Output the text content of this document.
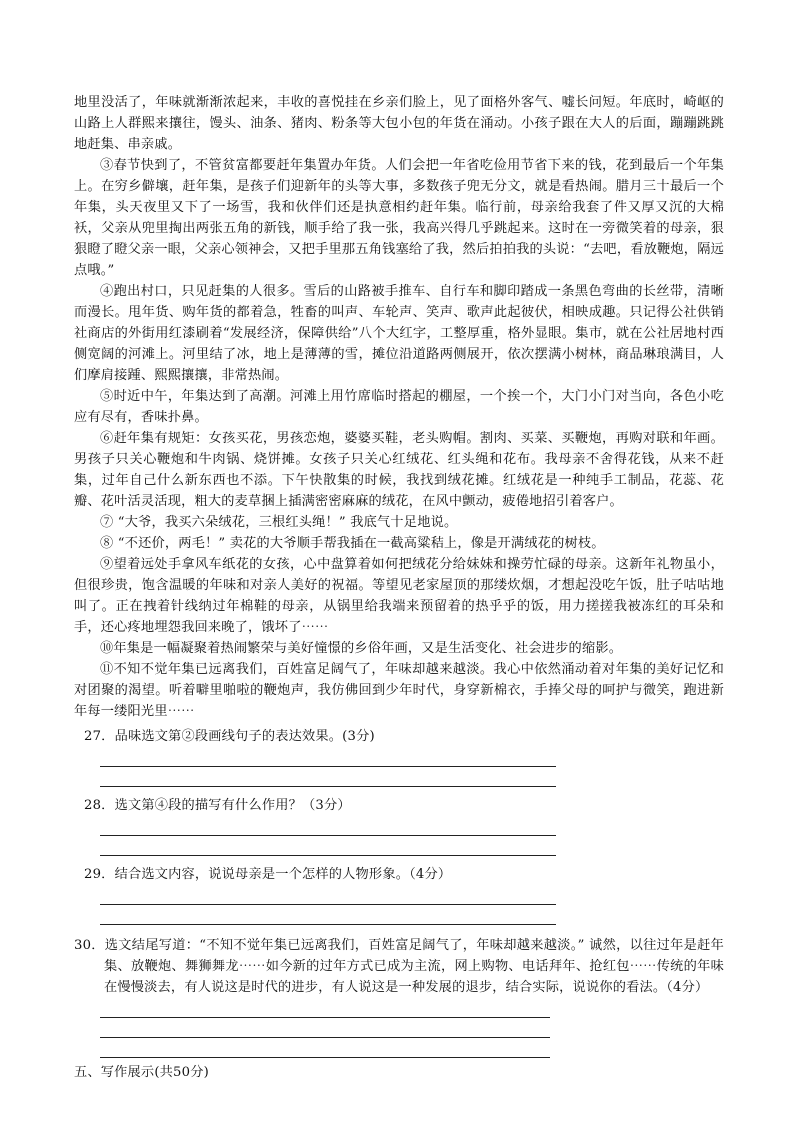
地里没活了，年味就渐渐浓起来，丰收的喜悦挂在乡亲们脸上，见了面格外客气、嘘长问短。年底时，崎岖的山路上人群熙来攘往，馒头、油条、猪肉、粉条等大包小包的年货在涌动。小孩子跟在大人的后面，蹦蹦跳跳地赶集、串亲戚。

③春节快到了，不管贫富都要赶年集置办年货。人们会把一年省吃俭用节省下来的钱，花到最后一个年集上。在穷乡僻壤，赶年集，是孩子们迎新年的头等大事，多数孩子兜无分文，就是看热闹。腊月三十最后一个年集，头天夜里又下了一场雪，我和伙伴们还是执意相约赶年集。临行前，母亲给我套了件又厚又沉的大棉袄，父亲从兜里掏出两张五角的新钱，顺手给了我一张，我高兴得几乎跳起来。这时在一旁微笑着的母亲，狠狠瞪了瞪父亲一眼，父亲心领神会，又把手里那五角钱塞给了我，然后拍拍我的头说：“去吧，看放鞭炮，隔远点哦。”

④跑出村口，只见赶集的人很多。雪后的山路被手推车、自行车和脚印踏成一条黑色弯曲的长丝带，清晰而漫长。甩年货、购年货的都着急，牲畜的叫声、车轮声、笑声、歌声此起彼伏，相映成趣。只记得公社供销社商店的外街用红漆刷着“发展经济，保障供给”八个大红字，工整厚重，格外显眼。集市，就在公社居地村西侧宽阔的河滩上。河里结了冰，地上是薄薄的雪，摊位沿道路两侧展开，依次摆满小树林，商品琳琅满目，人们摩肩接踵、熙熙攘攘，非常热闹。

⑤时近中午，年集达到了高潮。河滩上用竹席临时搭起的棚屋，一个挨一个，大门小门对当向，各色小吃应有尽有，香味扑鼻。

⑥赶年集有规矩：女孩买花，男孩恋炮，婆婆买鞋，老头购帽。割肉、买菜、买鞭炮，再购对联和年画。男孩子只关心鞭炮和牛肉锅、烧饼摊。女孩子只关心红绒花、红头绳和花布。我母亲不舍得花钱，从来不赶集，过年自己什么新东西也不添。下午快散集的时候，我找到绒花摊。红绒花是一种纯手工制品，花蕊、花瓣、花叶活灵活现，粗大的麦草捆上插满密密麻麻的绒花，在风中颤动，疲倦地招引着客户。

⑦ “大爷，我买六朵绒花，三根红头绳！” 我底气十足地说。

⑧ “不还价，两毛！” 卖花的大爷顺手帮我插在一截高粱秸上，像是开满绒花的树枝。

⑨望着远处手拿风车纸花的女孩，心中盘算着如何把绒花分给妹妹和操劳忙碌的母亲。这新年礼物虽小，但很珍贵，饱含温暖的年味和对亲人美好的祝福。等望见老家屋顶的那缕炊烟，才想起没吃午饭，肚子咕咕地叫了。正在拽着针线纳过年棉鞋的母亲，从锅里给我端来预留着的热乎乎的饭，用力搓搓我被冻红的耳朵和手，还心疼地埋怨我回来晚了，饿坏了⋯⋯

⑩年集是一幅凝聚着热闹繁荣与美好憧憬的乡俗年画，又是生活变化、社会进步的缩影。

⑪不知不觉年集已远离我们，百姓富足阔气了，年味却越来越淡。我心中依然涌动着对年集的美好记忆和对团聚的渴望。听着噼里啪啦的鞭炮声，我仿佛回到少年时代，身穿新棉衣，手捧父母的呵护与微笑，跑进新年每一缕阳光里⋯⋯

27．品味选文第②段画线句子的表达效果。(3分)

28．选文第④段的描写有什么作用？（3分）

29．结合选文内容，说说母亲是一个怎样的人物形象。（4分）

30．选文结尾写道：“不知不觉年集已远离我们，百姓富足阔气了，年味却越来越淡。” 诚然，以往过年是赶年集、放鞭炮、舞狮舞龙⋯⋯如今新的过年方式已成为主流，网上购物、电话拜年、抢红包⋯⋯传统的年味在慢慢淡去，有人说这是时代的进步，有人说这是一种发展的退步，结合实际，说说你的看法。（4分）

五、写作展示(共50分)
